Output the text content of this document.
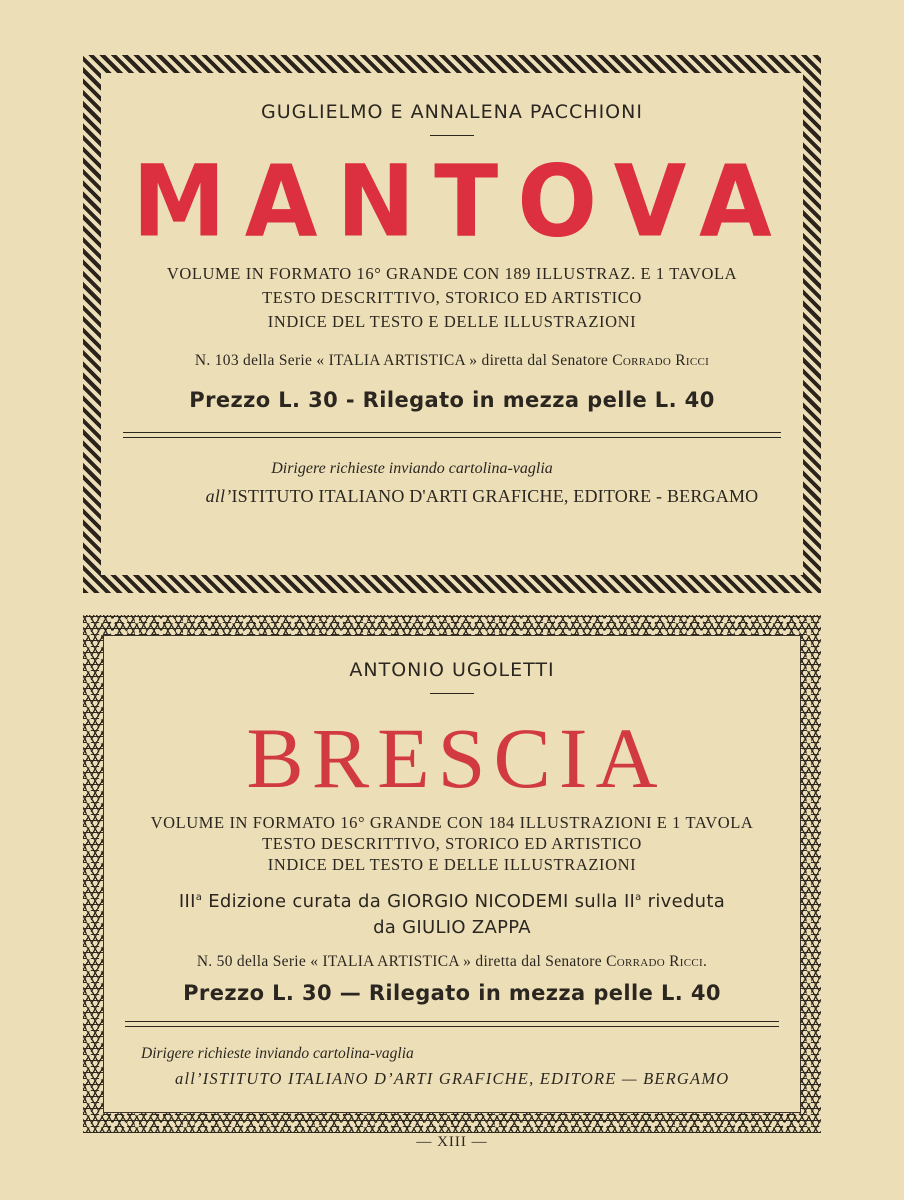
GUGLIELMO E ANNALENA PACCHIONI
MANTOVA
VOLUME IN FORMATO 16° GRANDE CON 189 ILLUSTRAZ. E 1 TAVOLA
TESTO DESCRITTIVO, STORICO ED ARTISTICO
INDICE DEL TESTO E DELLE ILLUSTRAZIONI
N. 103 della Serie « ITALIA ARTISTICA » diretta dal Senatore Corrado Ricci
Prezzo L. 30 - Rilegato in mezza pelle L. 40
Dirigere richieste inviando cartolina-vaglia
all’ISTITUTO ITALIANO D'ARTI GRAFICHE, EDITORE - BERGAMO
ANTONIO UGOLETTI
BRESCIA
VOLUME IN FORMATO 16° GRANDE CON 184 ILLUSTRAZIONI E 1 TAVOLA
TESTO DESCRITTIVO, STORICO ED ARTISTICO
INDICE DEL TESTO E DELLE ILLUSTRAZIONI
III$^a$ Edizione curata da GIORGIO NICODEMI sulla $II^a$ riveduta
da GIULIO ZAPPA
N. 50 della Serie « ITALIA ARTISTICA » diretta dal Senatore Corrado Ricci.
Prezzo L. 30 — Rilegato in mezza pelle L. 40
Dirigere richieste inviando cartolina-vaglia
all’ISTITUTO ITALIANO D’ARTI GRAFICHE, EDITORE — BERGAMO
— XIII —
